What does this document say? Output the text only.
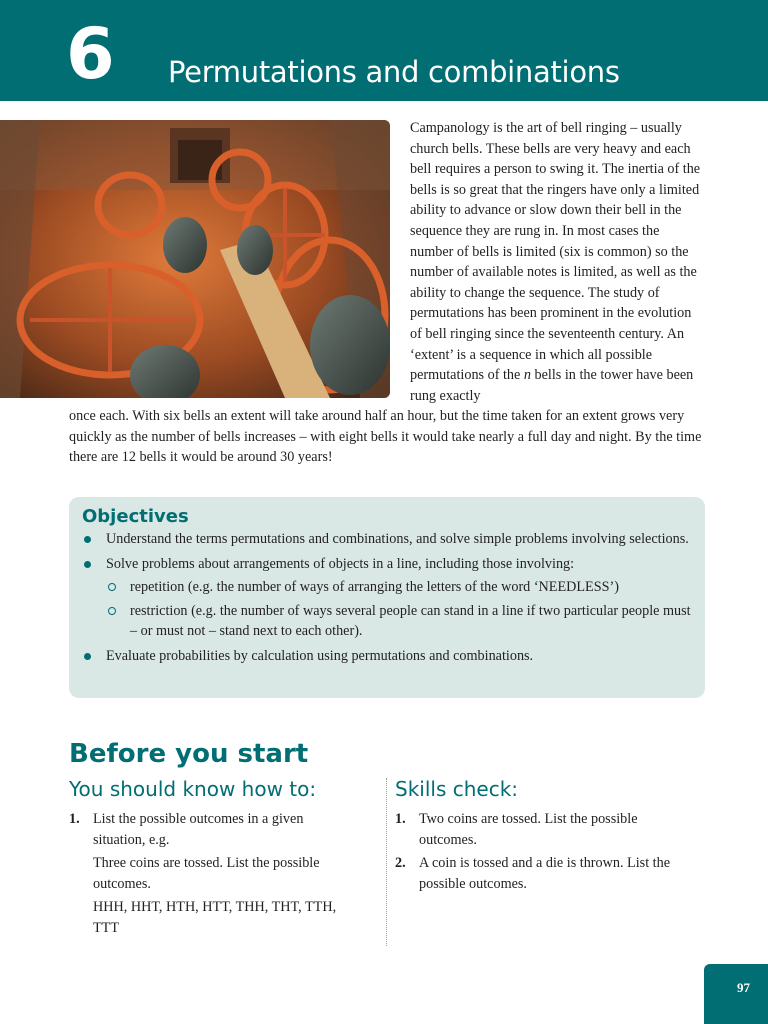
6	Permutations and combinations

Campanology is the art of bell ringing – usually church bells. These bells are very heavy and each bell requires a person to swing it. The inertia of the bells is so great that the ringers have only a limited ability to advance or slow down their bell in the sequence they are rung in. In most cases the number of bells is limited (six is common) so the number of available notes is limited, as well as the ability to change the sequence. The study of permutations has been prominent in the evolution of bell ringing since the seventeenth century. An ‘extent’ is a sequence in which all possible permutations of the n bells in the tower have been rung exactly

once each. With six bells an extent will take around half an hour, but the time taken for an extent grows very quickly as the number of bells increases – with eight bells it would take nearly a full day and night. By the time there are 12 bells it would be around 30 years!

Objectives
Understand the terms permutations and combinations, and solve simple problems involving selections.
Solve problems about arrangements of objects in a line, including those involving:
repetition (e.g. the number of ways of arranging the letters of the word ‘NEEDLESS’)
restriction (e.g. the number of ways several people can stand in a line if two particular people must – or must not – stand next to each other).
Evaluate probabilities by calculation using permutations and combinations.
Before you start
You should know how to:	Skills check:
1. List the possible outcomes in a given situation, e.g.

Three coins are tossed. List the possible outcomes.

HHH, HHT, HTH, HTT, THH, THT, TTH, TTT

1. Two coins are tossed. List the possible outcomes.

2. A coin is tossed and a die is thrown. List the possible outcomes.

97
